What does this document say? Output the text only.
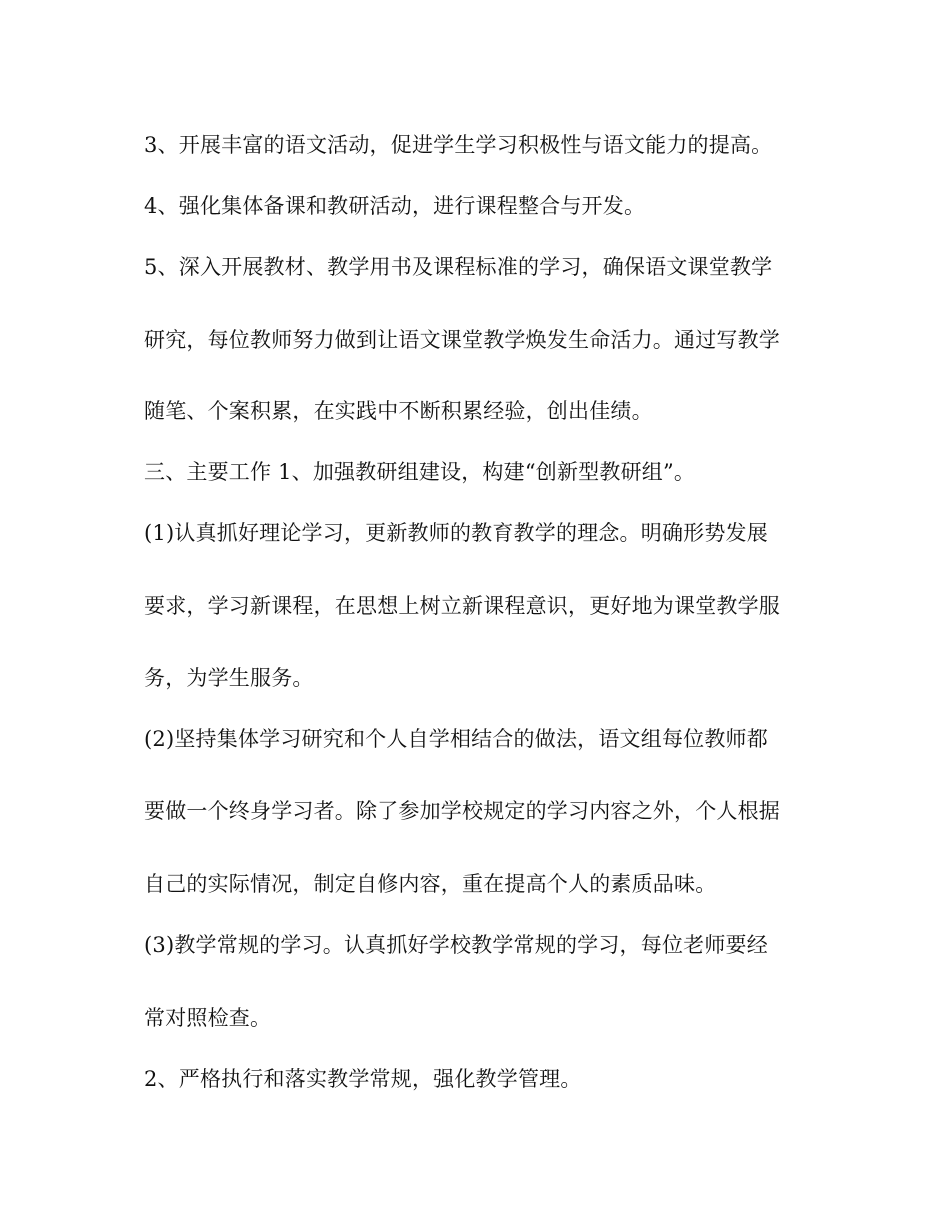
3、开展丰富的语文活动，促进学生学习积极性与语文能力的提高。
4、强化集体备课和教研活动，进行课程整合与开发。
5、深入开展教材、教学用书及课程标准的学习，确保语文课堂教学
研究，每位教师努力做到让语文课堂教学焕发生命活力。通过写教学
随笔、个案积累，在实践中不断积累经验，创出佳绩。
三、主要工作 1、加强教研组建设，构建“创新型教研组”。
(1)认真抓好理论学习，更新教师的教育教学的理念。明确形势发展
要求，学习新课程，在思想上树立新课程意识，更好地为课堂教学服
务，为学生服务。
(2)坚持集体学习研究和个人自学相结合的做法，语文组每位教师都
要做一个终身学习者。除了参加学校规定的学习内容之外，个人根据
自己的实际情况，制定自修内容，重在提高个人的素质品味。
(3)教学常规的学习。认真抓好学校教学常规的学习，每位老师要经
常对照检查。
2、严格执行和落实教学常规，强化教学管理。
